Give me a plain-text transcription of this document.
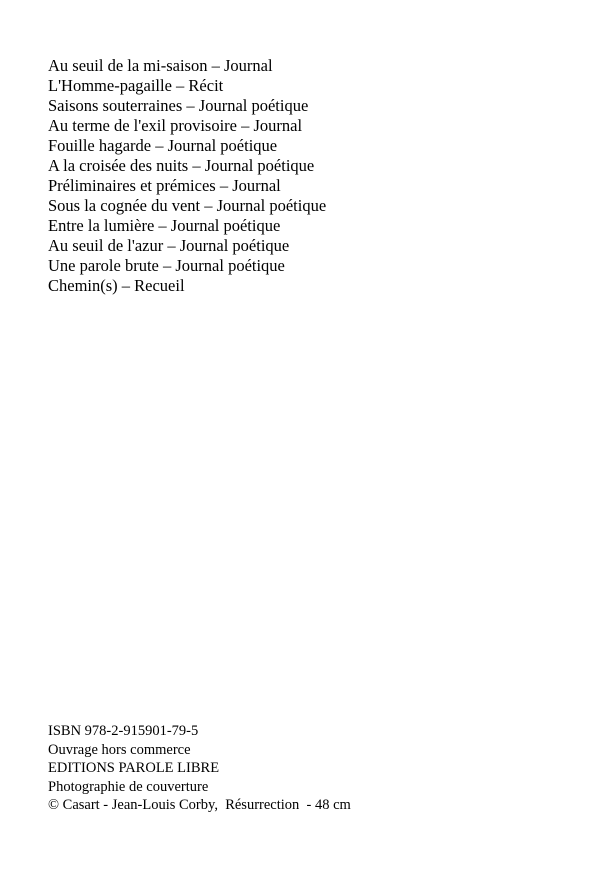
Au seuil de la mi-saison – Journal
L'Homme-pagaille – Récit
Saisons souterraines – Journal poétique
Au terme de l'exil provisoire – Journal
Fouille hagarde – Journal poétique
A la croisée des nuits – Journal poétique
Préliminaires et prémices – Journal
Sous la cognée du vent – Journal poétique
Entre la lumière – Journal poétique
Au seuil de l'azur – Journal poétique
Une parole brute – Journal poétique
Chemin(s) – Recueil
ISBN 978-2-915901-79-5
Ouvrage hors commerce
EDITIONS PAROLE LIBRE
Photographie de couverture
© Casart - Jean-Louis Corby,  Résurrection  - 48 cm
